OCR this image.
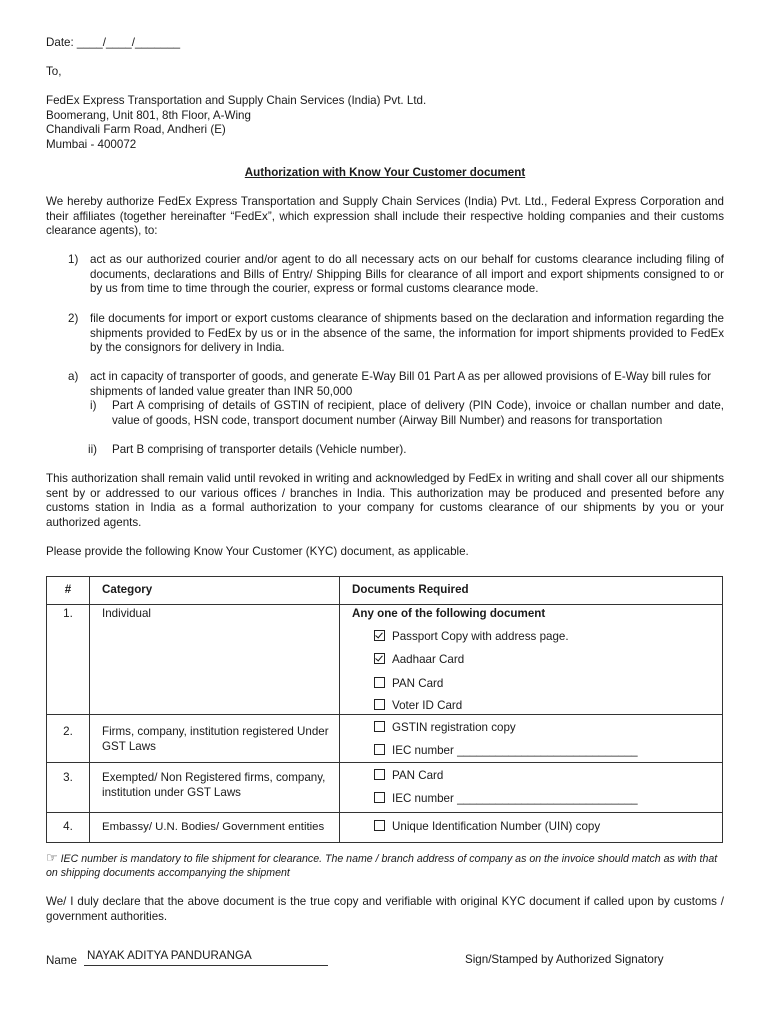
Date: ____/____/_______
To,
FedEx Express Transportation and Supply Chain Services (India) Pvt. Ltd.
Boomerang, Unit 801, 8th Floor, A-Wing
Chandivali Farm Road, Andheri (E)
Mumbai - 400072
Authorization with Know Your Customer document
We hereby authorize FedEx Express Transportation and Supply Chain Services (India) Pvt. Ltd., Federal Express Corporation and their affiliates (together hereinafter “FedEx”, which expression shall include their respective holding companies and their customs clearance agents), to:
1) act as our authorized courier and/or agent to do all necessary acts on our behalf for customs clearance including filing of documents, declarations and Bills of Entry/ Shipping Bills for clearance of all import and export shipments consigned to or by us from time to time through the courier, express or formal customs clearance mode.
2) file documents for import or export customs clearance of shipments based on the declaration and information regarding the shipments provided to FedEx by us or in the absence of the same, the information for import shipments provided to FedEx by the consignors for delivery in India.
a) act in capacity of transporter of goods, and generate E-Way Bill 01 Part A as per allowed provisions of E-Way bill rules for shipments of landed value greater than INR 50,000
i) Part A comprising of details of GSTIN of recipient, place of delivery (PIN Code), invoice or challan number and date, value of goods, HSN code, transport document number (Airway Bill Number) and reasons for transportation
ii) Part B comprising of transporter details (Vehicle number).
This authorization shall remain valid until revoked in writing and acknowledged by FedEx in writing and shall cover all our shipments sent by or addressed to our various offices / branches in India. This authorization may be produced and presented before any customs station in India as a formal authorization to your company for customs clearance of our shipments by you or your authorized agents.
Please provide the following Know Your Customer (KYC) document, as applicable.
#	Category	Documents Required
1.	Individual	Any one of the following document
Passport Copy with address page.
Aadhaar Card
PAN Card
Voter ID Card

2.	Firms, company, institution registered Under GST Laws	GSTIN registration copy
IEC number ____________________________

3.	Exempted/ Non Registered firms, company, institution under GST Laws	PAN Card
IEC number ____________________________

4.	Embassy/ U.N. Bodies/ Government entities	Unique Identification Number (UIN) copy
☞ IEC number is mandatory to file shipment for clearance. The name / branch address of company as on the invoice should match as with that on shipping documents accompanying the shipment
We/ I duly declare that the above document is the true copy and verifiable with original KYC document if called upon by customs / government authorities.
Name NAYAK ADITYA PANDURANGA	Sign/Stamped by Authorized Signatory
